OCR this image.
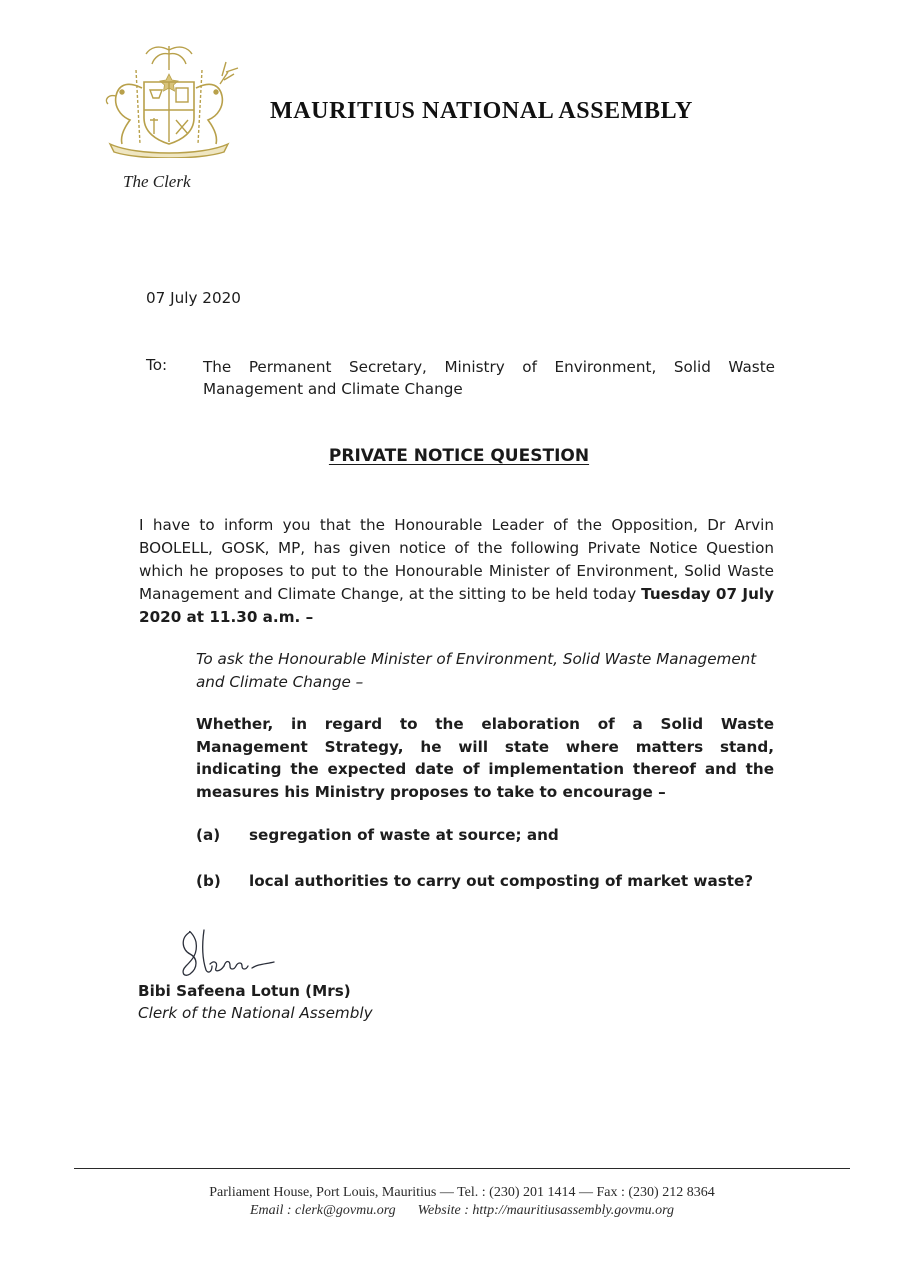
MAURITIUS NATIONAL ASSEMBLY
The Clerk
07 July 2020
To: The Permanent Secretary, Ministry of Environment, Solid Waste Management and Climate Change
PRIVATE NOTICE QUESTION
I have to inform you that the Honourable Leader of the Opposition, Dr Arvin BOOLELL, GOSK, MP, has given notice of the following Private Notice Question which he proposes to put to the Honourable Minister of Environment, Solid Waste Management and Climate Change, at the sitting to be held today Tuesday 07 July 2020 at 11.30 a.m. –
To ask the Honourable Minister of Environment, Solid Waste Management and Climate Change –
Whether, in regard to the elaboration of a Solid Waste Management Strategy, he will state where matters stand, indicating the expected date of implementation thereof and the measures his Ministry proposes to take to encourage –
(a) segregation of waste at source; and
(b) local authorities to carry out composting of market waste?
Bibi Safeena Lotun (Mrs)
Clerk of the National Assembly
Parliament House, Port Louis, Mauritius — Tel. : (230) 201 1414 — Fax : (230) 212 8364
Email : clerk@govmu.org Website : http://mauritiusassembly.govmu.org
